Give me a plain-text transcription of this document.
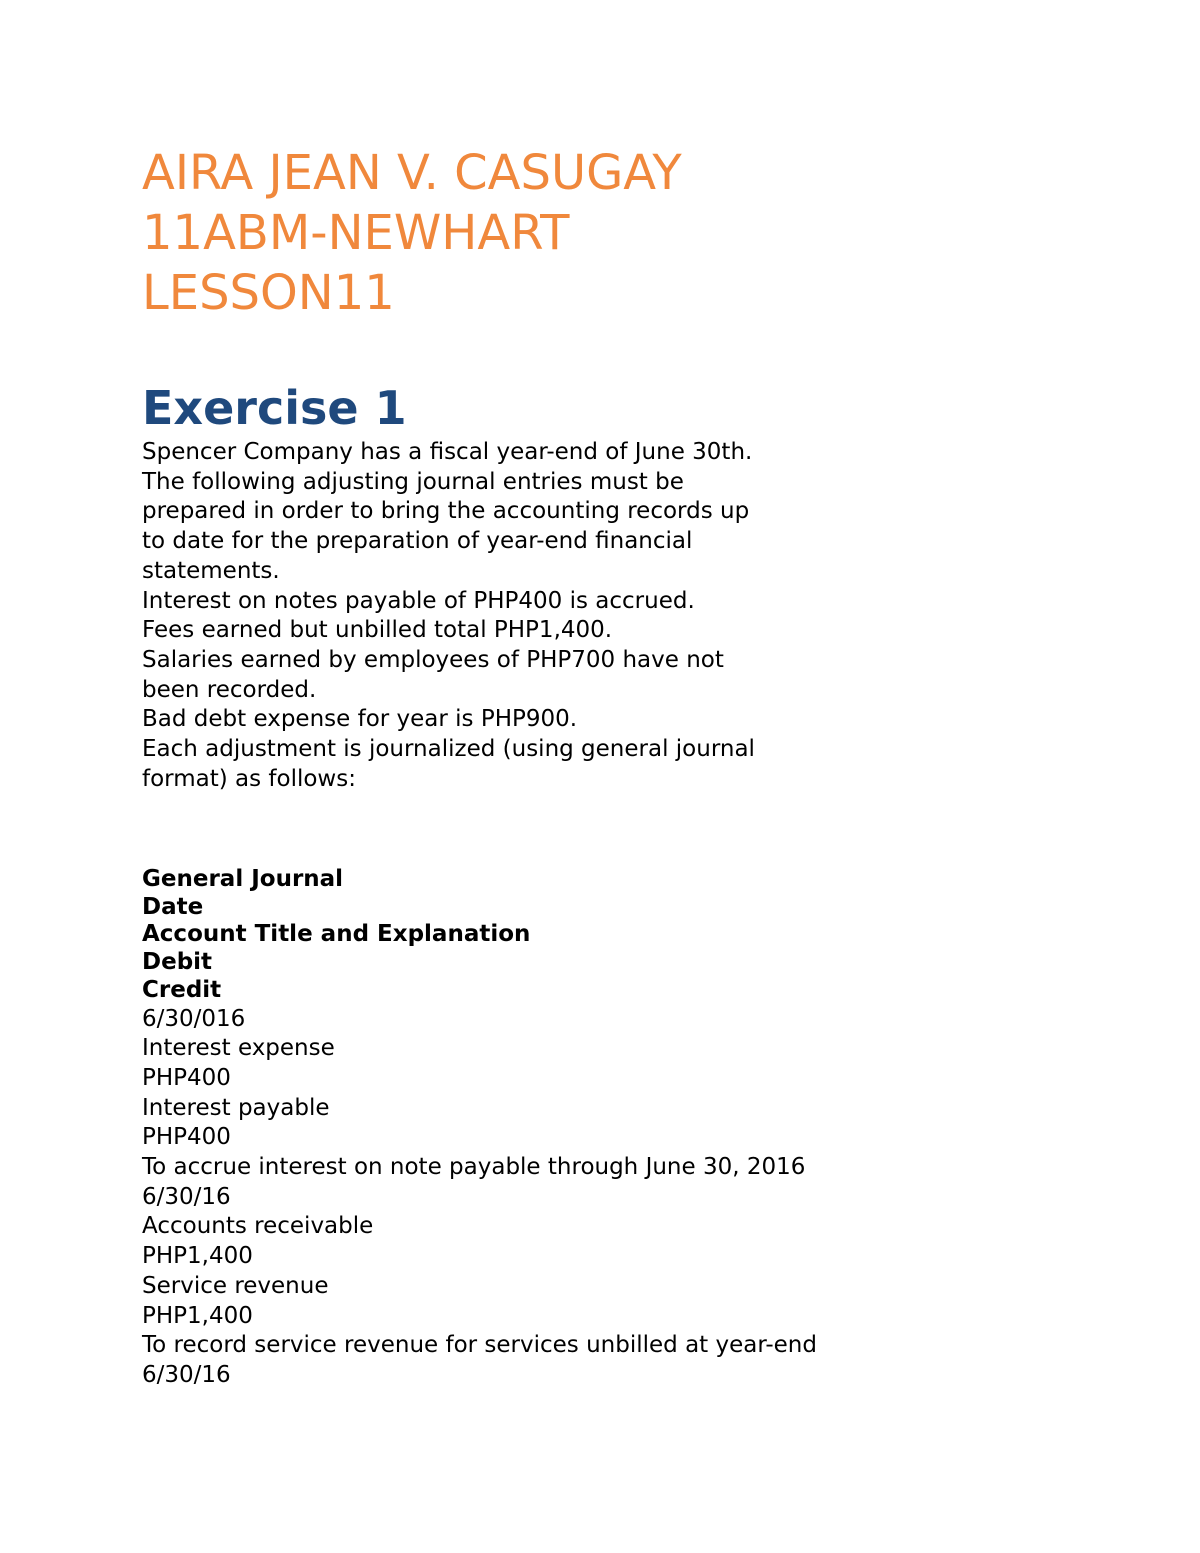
AIRA JEAN V. CASUGAY
11ABM-NEWHART
LESSON11
Exercise 1
Spencer Company has a fiscal year-end of June 30th.
The following adjusting journal entries must be
prepared in order to bring the accounting records up
to date for the preparation of year-end financial
statements.
Interest on notes payable of PHP400 is accrued.
Fees earned but unbilled total PHP1,400.
Salaries earned by employees of PHP700 have not
been recorded.
Bad debt expense for year is PHP900.
Each adjustment is journalized (using general journal
format) as follows:
General Journal
Date
Account Title and Explanation
Debit
Credit
6/30/016
Interest expense
PHP400
Interest payable
PHP400
To accrue interest on note payable through June 30, 2016
6/30/16
Accounts receivable
PHP1,400
Service revenue
PHP1,400
To record service revenue for services unbilled at year-end
6/30/16
